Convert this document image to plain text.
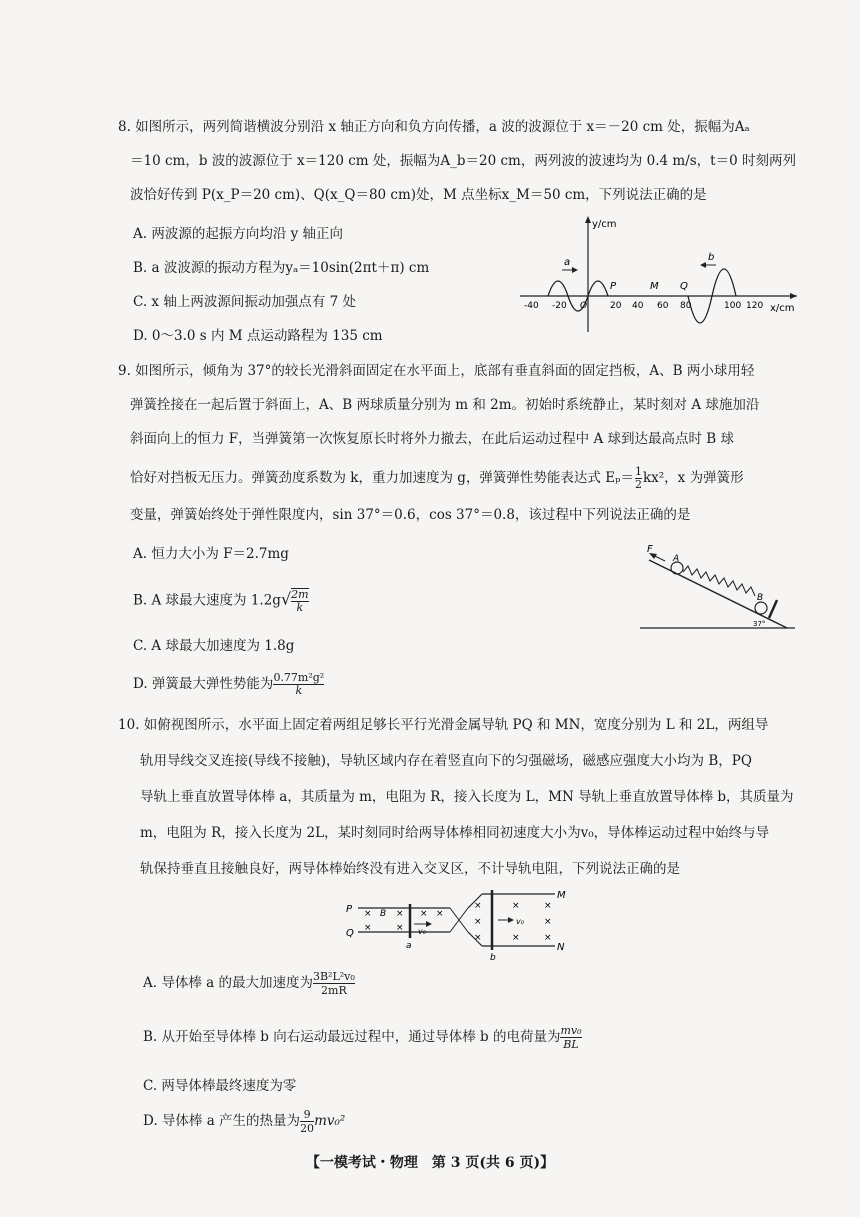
8. 如图所示，两列简谐横波分别沿 x 轴正方向和负方向传播，a 波的波源位于 x＝－20 cm 处，振幅为Aₐ
＝10 cm，b 波的波源位于 x＝120 cm 处，振幅为A_b＝20 cm，两列波的波速均为 0.4 m/s，t＝0 时刻两列
波恰好传到 P(x_P＝20 cm)、Q(x_Q＝80 cm)处，M 点坐标x_M＝50 cm，下列说法正确的是
A. 两波源的起振方向均沿 y 轴正向
B. a 波波源的振动方程为yₐ＝10sin(2πt＋π) cm
C. x 轴上两波源间振动加强点有 7 处
D. 0～3.0 s 内 M 点运动路程为 135 cm
y/cm
x/cm
a	b
P	M Q
-40 -20 O	20 40 60 80	100 120
9. 如图所示，倾角为 37°的较长光滑斜面固定在水平面上，底部有垂直斜面的固定挡板，A、B 两小球用轻
弹簧拴接在一起后置于斜面上，A、B 两球质量分别为 m 和 2m。初始时系统静止，某时刻对 A 球施加沿
斜面向上的恒力 F，当弹簧第一次恢复原长时将外力撤去，在此后运动过程中 A 球到达最高点时 B 球
恰好对挡板无压力。弹簧劲度系数为 k，重力加速度为 g，弹簧弹性势能表达式 $E_p= \frac{1}{2} kx^2$，x 为弹簧形
变量，弹簧始终处于弹性限度内，sin 37°＝0.6，cos 37°＝0.8，该过程中下列说法正确的是
A. 恒力大小为 F＝2.7mg
B. A 球最大速度为 $1.2g√ \frac{2m}{k}$
C. A 球最大加速度为 1.8g
D. 弹簧最大弹性势能为 $\frac{\text{0.77m²g²}}{k}$
F
A
B
37°
10. 如俯视图所示，水平面上固定着两组足够长平行光滑金属导轨 PQ 和 MN，宽度分别为 L 和 2L，两组导
轨用导线交叉连接(导线不接触)，导轨区域内存在着竖直向下的匀强磁场，磁感应强度大小均为 B，PQ
导轨上垂直放置导体棒 a，其质量为 m，电阻为 R，接入长度为 L，MN 导轨上垂直放置导体棒 b，其质量为
m，电阻为 R，接入长度为 2L，某时刻同时给两导体棒相同初速度大小为v₀，导体棒运动过程中始终与导
轨保持垂直且接触良好，两导体棒始终没有进入交叉区，不计导轨电阻，下列说法正确的是
P
Q
M
N
× B ×
×	×
× ×
×
×
×
×
×
×
×
×
a
v₀
b
v₀
A. 导体棒 a 的最大加速度为 $\frac{\text{3B²L²v₀}}{2mR}$
B. 从开始至导体棒 b 向右运动最远过程中，通过导体棒 b 的电荷量为 $\frac{\text{mv₀}}{BL}$
C. 两导体棒最终速度为零
D. 导体棒 a 产生的热量为 $\frac{9}{20} mv_0^2$
【一模考试・物理　第 3 页(共 6 页)】
